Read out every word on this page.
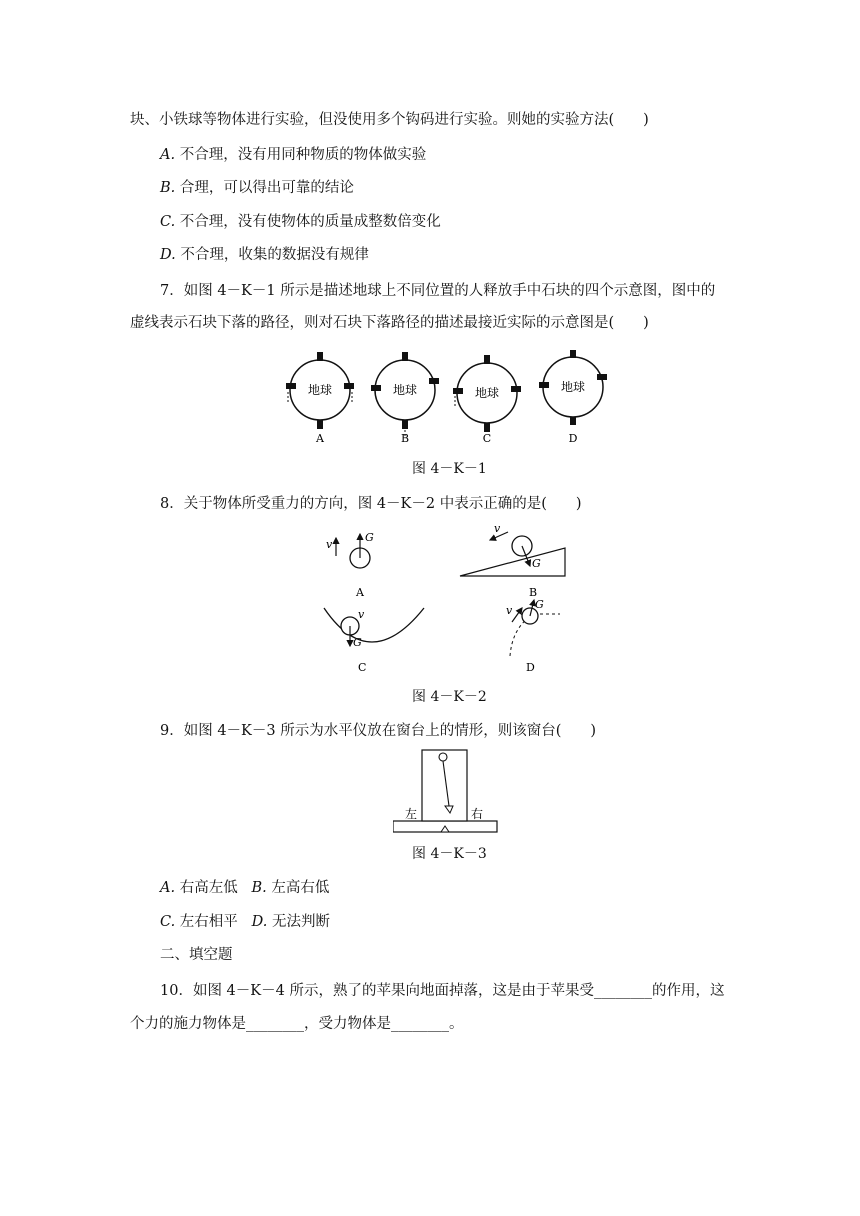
块、小铁球等物体进行实验，但没使用多个钩码进行实验。则她的实验方法(　　)
A. 不合理，没有用同种物质的物体做实验
B. 合理，可以得出可靠的结论
C. 不合理，没有使物体的质量成整数倍变化
D. 不合理，收集的数据没有规律
7．如图 4－K－1 所示是描述地球上不同位置的人释放手中石块的四个示意图，图中的
虚线表示石块下落的路径，则对石块下落路径的描述最接近实际的示意图是(　　)
地球
A
地球
B
地球
C
地球
D
图 4－K－1
8．关于物体所受重力的方向，图 4－K－2 中表示正确的是(　　)
v
G
A
G
v
B
G
v
C
G
v
D
图 4－K－2
9．如图 4－K－3 所示为水平仪放在窗台上的情形，则该窗台(　　)
左	右
图 4－K－3
A. 右高左低 B. 左高右低
C. 左右相平 D. 无法判断
二、填空题
10．如图 4－K－4 所示，熟了的苹果向地面掉落，这是由于苹果受________的作用，这
个力的施力物体是________，受力物体是________。
